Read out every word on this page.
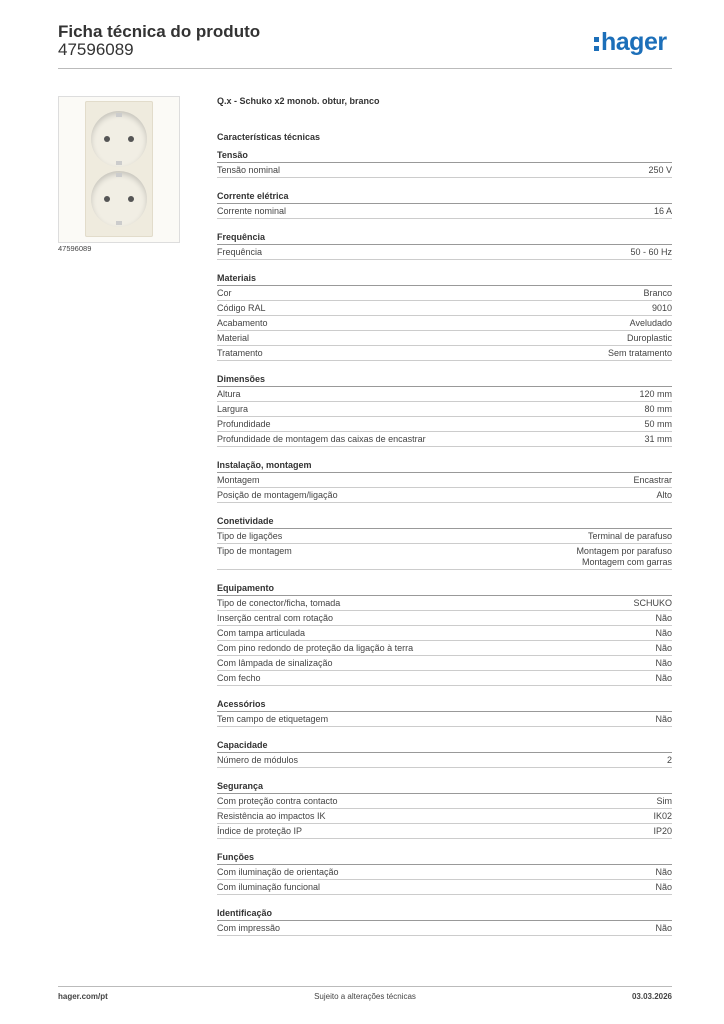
Ficha técnica do produto
47596089	hager
47596089
Q.x - Schuko x2 monob. obtur, branco
Características técnicas
Tensão
Tensão nominal	250 V
Corrente elétrica
Corrente nominal	16 A
Frequência
Frequência	50 - 60 Hz
Materiais
Cor	Branco
Código RAL	9010
Acabamento	Aveludado
Material	Duroplastic
Tratamento	Sem tratamento
Dimensões
Altura	120 mm
Largura	80 mm
Profundidade	50 mm
Profundidade de montagem das caixas de encastrar	31 mm
Instalação, montagem
Montagem	Encastrar
Posição de montagem/ligação	Alto
Conetividade
Tipo de ligações	Terminal de parafuso
Tipo de montagem	Montagem por parafuso
Montagem com garras
Equipamento
Tipo de conector/ficha, tomada	SCHUKO
Inserção central com rotação	Não
Com tampa articulada	Não
Com pino redondo de proteção da ligação à terra	Não
Com lâmpada de sinalização	Não
Com fecho	Não
Acessórios
Tem campo de etiquetagem	Não
Capacidade
Número de módulos	2
Segurança
Com proteção contra contacto	Sim
Resistência ao impactos IK	IK02
Índice de proteção IP	IP20
Funções
Com iluminação de orientação	Não
Com iluminação funcional	Não
Identificação
Com impressão	Não
hager.com/pt	Sujeito a alterações técnicas	03.03.2026
